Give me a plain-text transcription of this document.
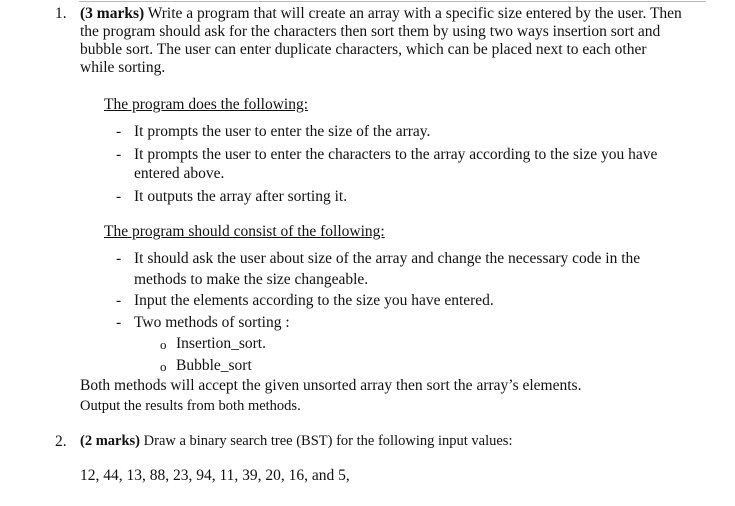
1. (3 marks) Write a program that will create an array with a specific size entered by the user. Then
the program should ask for the characters then sort them by using two ways insertion sort and
bubble sort. The user can enter duplicate characters, which can be placed next to each other
while sorting.
The program does the following:
- It prompts the user to enter the size of the array.
- It prompts the user to enter the characters to the array according to the size you have
entered above.
- It outputs the array after sorting it.
The program should consist of the following:
- It should ask the user about size of the array and change the necessary code in the
methods to make the size changeable.
- Input the elements according to the size you have entered.
- Two methods of sorting :
o Insertion_sort.
o Bubble_sort
Both methods will accept the given unsorted array then sort the array’s elements.
Output the results from both methods.
2. (2 marks) Draw a binary search tree (BST) for the following input values:
12, 44, 13, 88, 23, 94, 11, 39, 20, 16, and 5,
